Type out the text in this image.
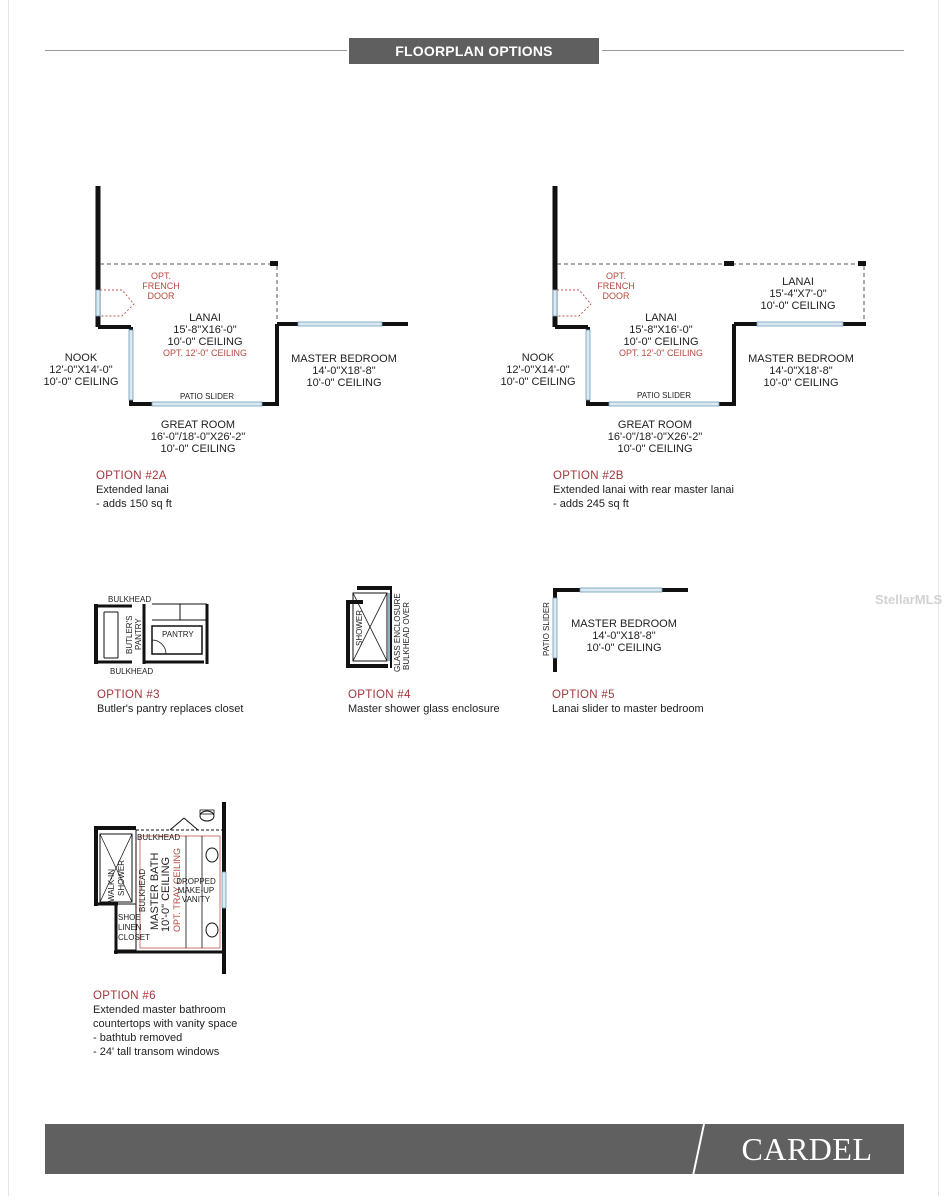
FLOORPLAN OPTIONS
OPT.
FRENCH
DOOR
LANAI
15'-8"X16'-0"
10'-0" CEILING
OPT. 12'-0" CEILING
NOOK
12'-0"X14'-0"
10'-0" CEILING
MASTER BEDROOM
14'-0"X18'-8"
10'-0" CEILING
PATIO SLIDER
GREAT ROOM
16'-0"/18'-0"X26'-2"
10'-0" CEILING
OPT.
FRENCH
DOOR
LANAI
15'-8"X16'-0"
10'-0" CEILING
OPT. 12'-0" CEILING
LANAI
15'-4"X7'-0"
10'-0" CEILING
NOOK
12'-0"X14'-0"
10'-0" CEILING
MASTER BEDROOM
14'-0"X18'-8"
10'-0" CEILING
PATIO SLIDER
GREAT ROOM
16'-0"/18'-0"X26'-2"
10'-0" CEILING
OPTION #2A
Extended lanai
- adds 150 sq ft
OPTION #2B
Extended lanai with rear master lanai
- adds 245 sq ft
BULKHEAD
BUTLER'S PANTRY PANTRY
BULKHEAD
SHOWER	GLASS ENCLOSURE BULKHEAD OVER	PATIO SLIDER MASTER BEDROOM
14'-0"X18'-8"
10'-0" CEILING
OPTION #3
Butler's pantry replaces closet
OPTION #4
Master shower glass enclosure
OPTION #5
Lanai slider to master bedroom
StellarMLS
BULKHEAD
WALK-IN SHOWER BULKHEAD MASTER BATH 10'-0" CEILING OPT. TRAY CEILING
DROPPED
MAKE-UP
VANITY
SHOE
LINEN
CLOSET
OPTION #6
Extended master bathroom
countertops with vanity space
- bathtub removed
- 24' tall transom windows
CARDEL
